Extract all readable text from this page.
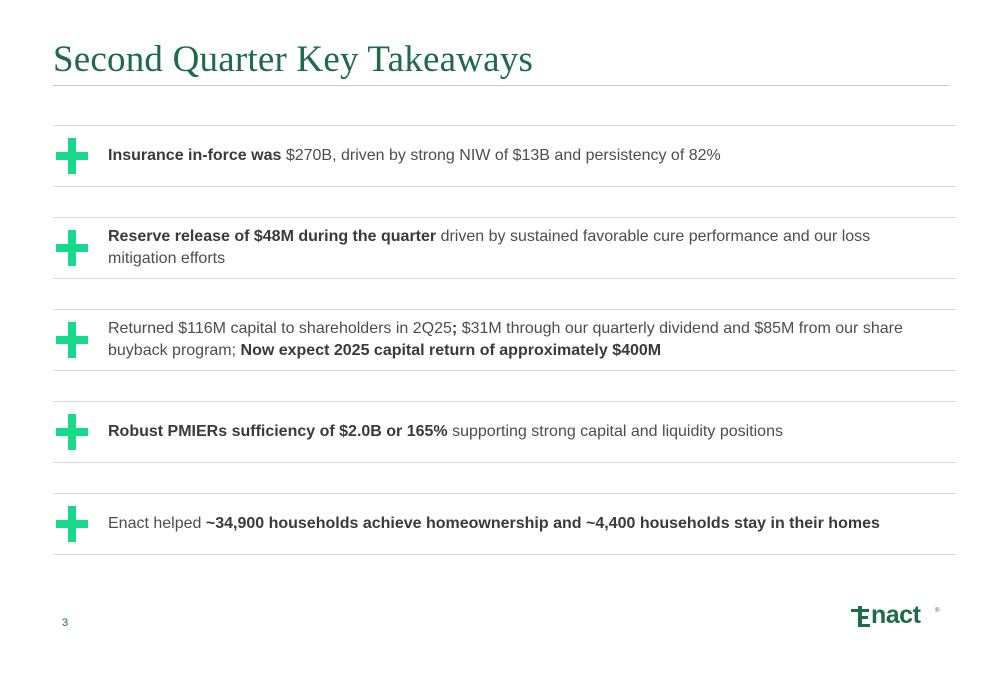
Second Quarter Key Takeaways
Insurance in-force was $270B, driven by strong NIW of $13B and persistency of 82%
Reserve release of $48M during the quarter driven by sustained favorable cure performance and our loss mitigation efforts
Returned $116M capital to shareholders in 2Q25; $31M through our quarterly dividend and $85M from our share buyback program; Now expect 2025 capital return of approximately $400M
Robust PMIERs sufficiency of $2.0B or 165% supporting strong capital and liquidity positions
Enact helped ~34,900 households achieve homeownership and ~4,400 households stay in their homes
3	nact ®
